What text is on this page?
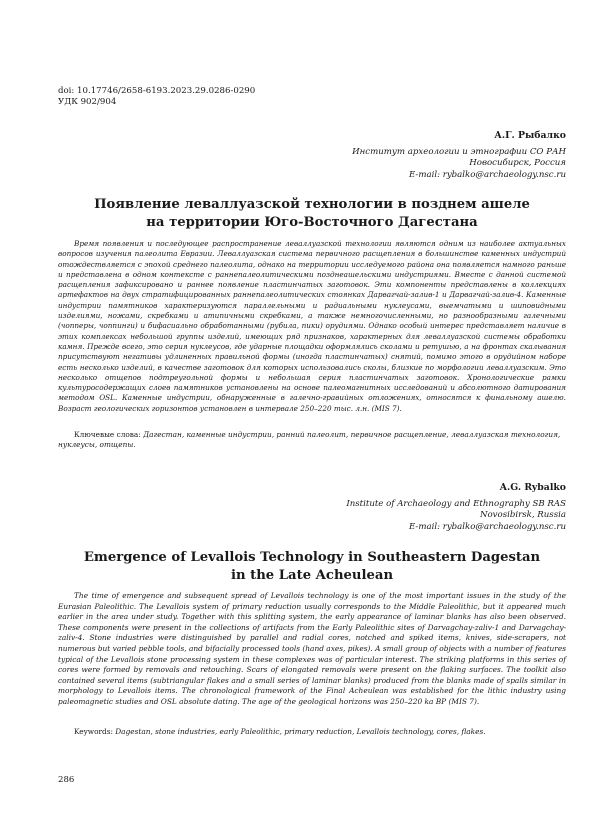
doi: 10.17746/2658-6193.2023.29.0286-0290
УДК 902/904
А.Г. Рыбалко
Институт археологии и этнографии СО РАН
Новосибирск, Россия
E-mail: rybalko@archaeology.nsc.ru
Появление леваллуазской технологии в позднем ашеле
на территории Юго-Восточного Дагестана
Время появления и последующее распространение леваллуазской технологии являются одним из наиболее актуальных вопросов изучения палеолита Евразии. Леваллуазская система первичного расщепления в большинстве каменных индустрий отождествляется с эпохой среднего палеолита, однако на территории исследуемого района она появляется намного раньше и представлена в одном контексте с раннепалеолитическими позднеашельскими индустриями. Вместе с данной системой расщепления зафиксировано и раннее появление пластинчатых заготовок. Эти компоненты представлены в коллекциях артефактов на двух стратифицированных раннепалеолитических стоянках Дарвагчай-залив-1 и Дарвагчай-залив-4. Каменные индустрии памятников характеризуются параллельными и радиальными нуклеусами, выемчатыми и шиповидными изделиями, ножами, скребками и атипичными скребками, а также немногочисленными, но разнообразными галечными (чопперы, чоппинги) и бифасиально обработанными (рубила, пики) орудиями. Однако особый интерес представляет наличие в этих комплексах небольшой группы изделий, имеющих ряд признаков, характерных для леваллуазской системы обработки камня. Прежде всего, это серия нуклеусов, где ударные площадки оформлялись сколами и ретушью, а на фронтах скалывания присутствуют негативы удлиненных правильной формы (иногда пластинчатых) снятий, помимо этого в орудийном наборе есть несколько изделий, в качестве заготовок для которых использовались сколы, близкие по морфологии леваллуазским. Это несколько отщепов подтреугольной формы и небольшая серия пластинчатых заготовок. Хронологические рамки культуросодержащих слоев памятников установлены на основе палеомагнитных исследований и абсолютного датирования методом OSL. Каменные индустрии, обнаруженные в галечно-гравийных отложениях, относятся к финальному ашелю. Возраст геологических горизонтов установлен в интервале 250–220 тыс. л.н. (MIS 7).
Ключевые слова: Дагестан, каменные индустрии, ранний палеолит, первичное расщепление, леваллуазская технология, нуклеусы, отщепы.
A.G. Rybalko
Institute of Archaeology and Ethnography SB RAS
Novosibirsk, Russia
E-mail: rybalko@archaeology.nsc.ru
Emergence of Levallois Technology in Southeastern Dagestan
in the Late Acheulean
The time of emergence and subsequent spread of Levallois technology is one of the most important issues in the study of the Eurasian Paleolithic. The Levallois system of primary reduction usually corresponds to the Middle Paleolithic, but it appeared much earlier in the area under study. Together with this splitting system, the early appearance of laminar blanks has also been observed. These components were present in the collections of artifacts from the Early Paleolithic sites of Darvagchay-zaliv-1 and Darvagchay-zaliv-4. Stone industries were distinguished by parallel and radial cores, notched and spiked items, knives, side-scrapers, not numerous but varied pebble tools, and bifacially processed tools (hand axes, pikes). A small group of objects with a number of features typical of the Levallois stone processing system in these complexes was of particular interest. The striking platforms in this series of cores were formed by removals and retouching. Scars of elongated removals were present on the flaking surfaces. The toolkit also contained several items (subtriangular flakes and a small series of laminar blanks) produced from the blanks made of spalls similar in morphology to Levallois items. The chronological framework of the Final Acheulean was established for the lithic industry using paleomagnetic studies and OSL absolute dating. The age of the geological horizons was 250–220 ka BP (MIS 7).
Keywords: Dagestan, stone industries, early Paleolithic, primary reduction, Levallois technology, cores, flakes.
286
